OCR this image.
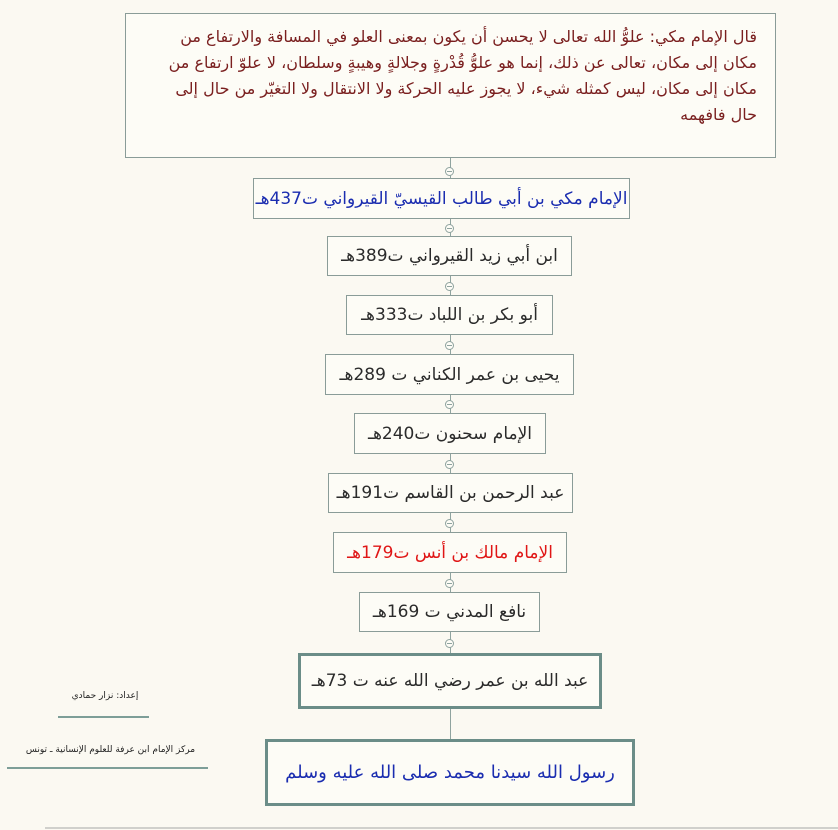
قال الإمام مكي: علوُّ الله تعالى لا يحسن أن يكون بمعنى العلو في المسافة والارتفاع من مكان إلى مكان، تعالى عن ذلك، إنما هو علوُّ قُدْرةٍ وجلالةٍ وهيبةٍ وسلطان، لا علوّ ارتفاع من مكان إلى مكان، ليس كمثله شيء، لا يجوز عليه الحركة ولا الانتقال ولا التغيّر من حال إلى حال فافهمه
الإمام مكي بن أبي طالب القيسيّ القيرواني ت437هـ
ابن أبي زيد القيرواني ت389هـ
أبو بكر بن اللباد ت333هـ
يحيى بن عمر الكناني ت 289هـ
الإمام سحنون ت240هـ
عبد الرحمن بن القاسم ت191هـ
الإمام مالك بن أنس ت179هـ
نافع المدني ت 169هـ
عبد الله بن عمر رضي الله عنه ت 73هـ
رسول الله سيدنا محمد صلى الله عليه وسلم
إعداد: نزار حمادي
مركز الإمام ابن عرفة للعلوم الإنسانية ـ تونس
